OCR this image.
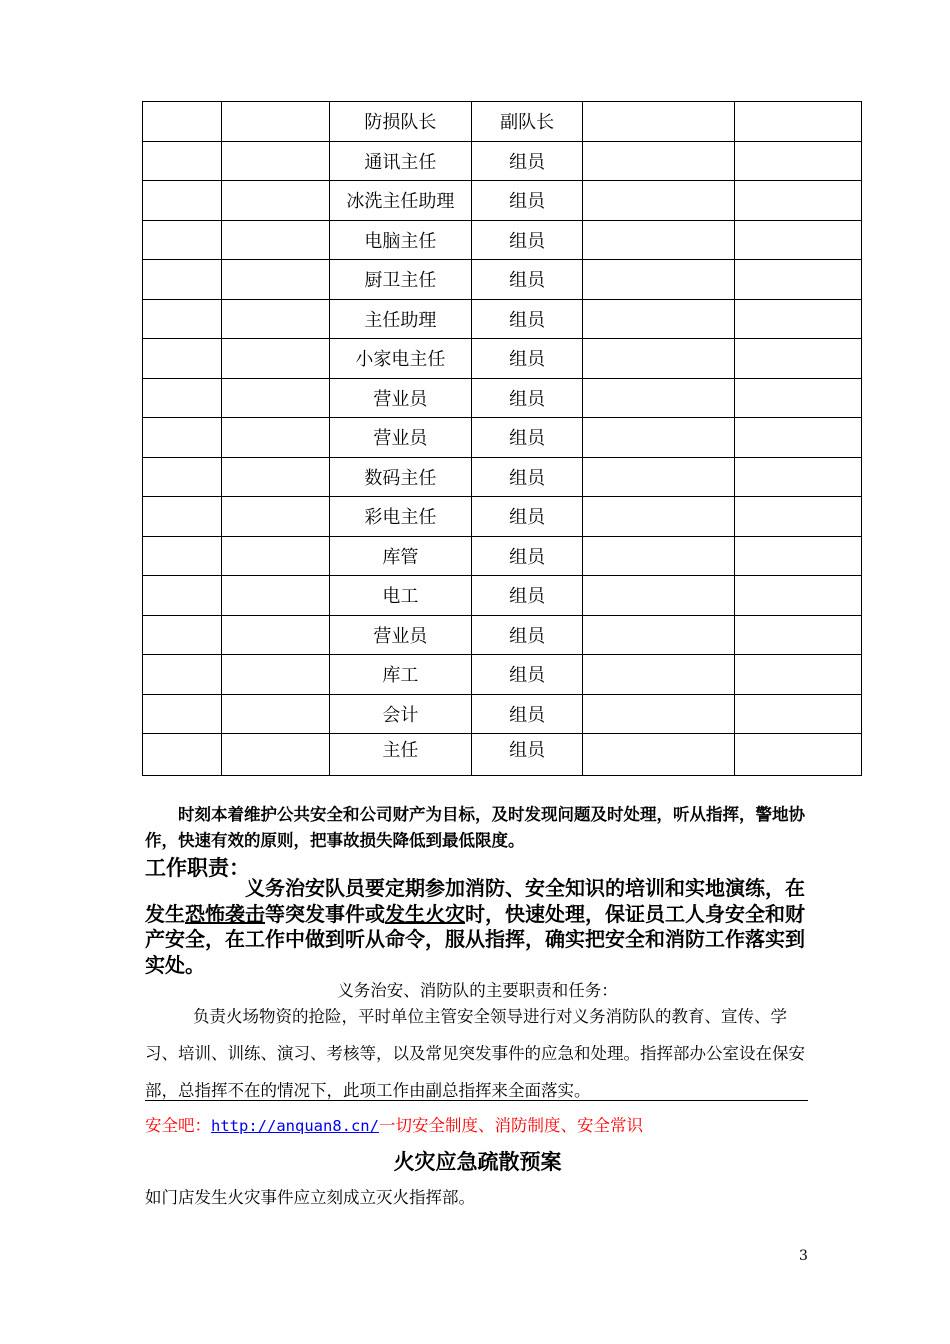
		防损队长	副队长		
		通讯主任	组员		
		冰洗主任助理	组员		
		电脑主任	组员		
		厨卫主任	组员		
		主任助理	组员		
		小家电主任	组员		
		营业员	组员		
		营业员	组员		
		数码主任	组员		
		彩电主任	组员		
		库管	组员		
		电工	组员		
		营业员	组员		
		库工	组员		
		会计	组员		

		主任	组员		

时刻本着维护公共安全和公司财产为目标，及时发现问题及时处理，听从指挥，警地协作，快速有效的原则，把事故损失降低到最低限度。

工作职责：

义务治安队员要定期参加消防、安全知识的培训和实地演练，在发生恐怖袭击等突发事件或发生火灾时，快速处理，保证员工人身安全和财产安全，在工作中做到听从命令，服从指挥，确实把安全和消防工作落实到实处。

义务治安、消防队的主要职责和任务：

负责火场物资的抢险，平时单位主管安全领导进行对义务消防队的教育、宣传、学习、培训、训练、演习、考核等，以及常见突发事件的应急和处理。指挥部办公室设在保安部，总指挥不在的情况下，此项工作由副总指挥来全面落实。

安全吧：http://anquan8.cn/一切安全制度、消防制度、安全常识

火灾应急疏散预案

如门店发生火灾事件应立刻成立灭火指挥部。

3
